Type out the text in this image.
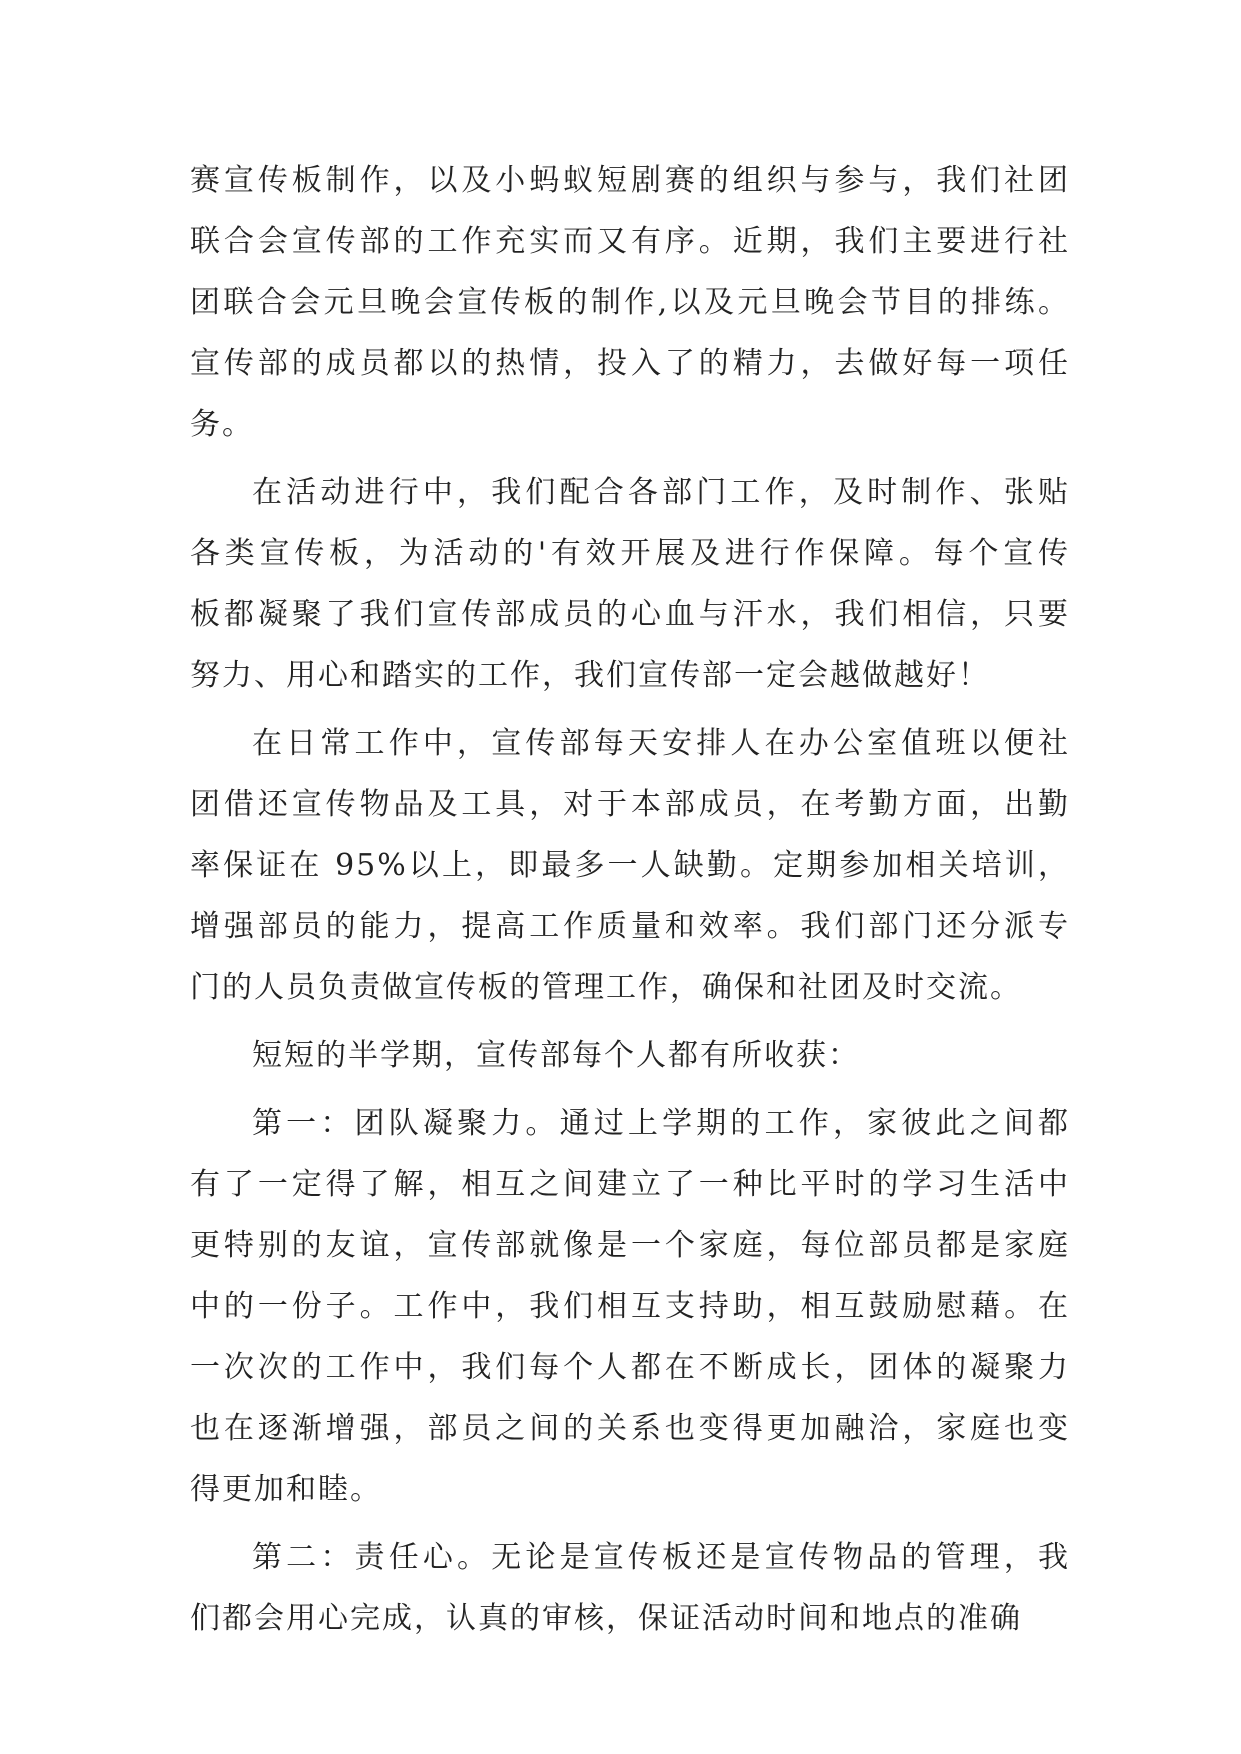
赛宣传板制作，以及小蚂蚁短剧赛的组织与参与，我们社团
联合会宣传部的工作充实而又有序。近期，我们主要进行社
团联合会元旦晚会宣传板的制作,以及元旦晚会节目的排练。
宣传部的成员都以的热情，投入了的精力，去做好每一项任
务。
在活动进行中，我们配合各部门工作，及时制作、张贴
各类宣传板，为活动的'有效开展及进行作保障。每个宣传
板都凝聚了我们宣传部成员的心血与汗水，我们相信，只要
努力、用心和踏实的工作，我们宣传部一定会越做越好！
在日常工作中，宣传部每天安排人在办公室值班以便社
团借还宣传物品及工具，对于本部成员，在考勤方面，出勤
率保证在 95%以上，即最多一人缺勤。定期参加相关培训，
增强部员的能力，提高工作质量和效率。我们部门还分派专
门的人员负责做宣传板的管理工作，确保和社团及时交流。
短短的半学期，宣传部每个人都有所收获：
第一：团队凝聚力。通过上学期的工作，家彼此之间都
有了一定得了解，相互之间建立了一种比平时的学习生活中
更特别的友谊，宣传部就像是一个家庭，每位部员都是家庭
中的一份子。工作中，我们相互支持助，相互鼓励慰藉。在
一次次的工作中，我们每个人都在不断成长，团体的凝聚力
也在逐渐增强，部员之间的关系也变得更加融洽，家庭也变
得更加和睦。
第二：责任心。无论是宣传板还是宣传物品的管理，我
们都会用心完成，认真的审核，保证活动时间和地点的准确
